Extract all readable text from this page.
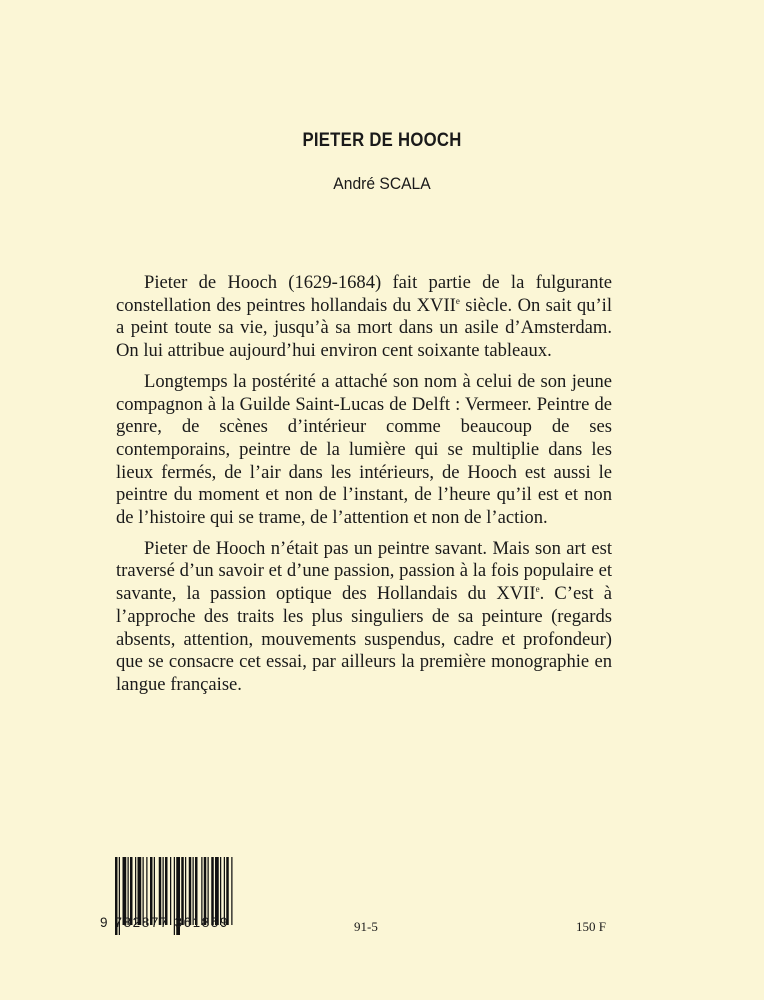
PIETER DE HOOCH
André SCALA

Pieter de Hooch (1629-1684) fait partie de la fulgurante constellation des peintres hollandais du XVIIe siècle. On sait qu’il a peint toute sa vie, jusqu’à sa mort dans un asile d’Amsterdam. On lui attribue aujourd’hui environ cent soixante tableaux.

Longtemps la postérité a attaché son nom à celui de son jeune compagnon à la Guilde Saint-Lucas de Delft : Vermeer. Peintre de genre, de scènes d’intérieur comme beaucoup de ses contemporains, peintre de la lumière qui se multiplie dans les lieux fermés, de l’air dans les intérieurs, de Hooch est aussi le peintre du moment et non de l’instant, de l’heure qu’il est et non de l’histoire qui se trame, de l’attention et non de l’action.

Pieter de Hooch n’était pas un peintre savant. Mais son art est traversé d’un savoir et d’une passion, passion à la fois populaire et savante, la passion optique des Hollandais du XVIIe. C’est à l’approche des traits les plus singuliers de sa peinture (regards absents, attention, mouvements suspendus, cadre et profondeur) que se consacre cet essai, par ailleurs la première monographie en langue française.

9 782877 361859	91-5	150 F
